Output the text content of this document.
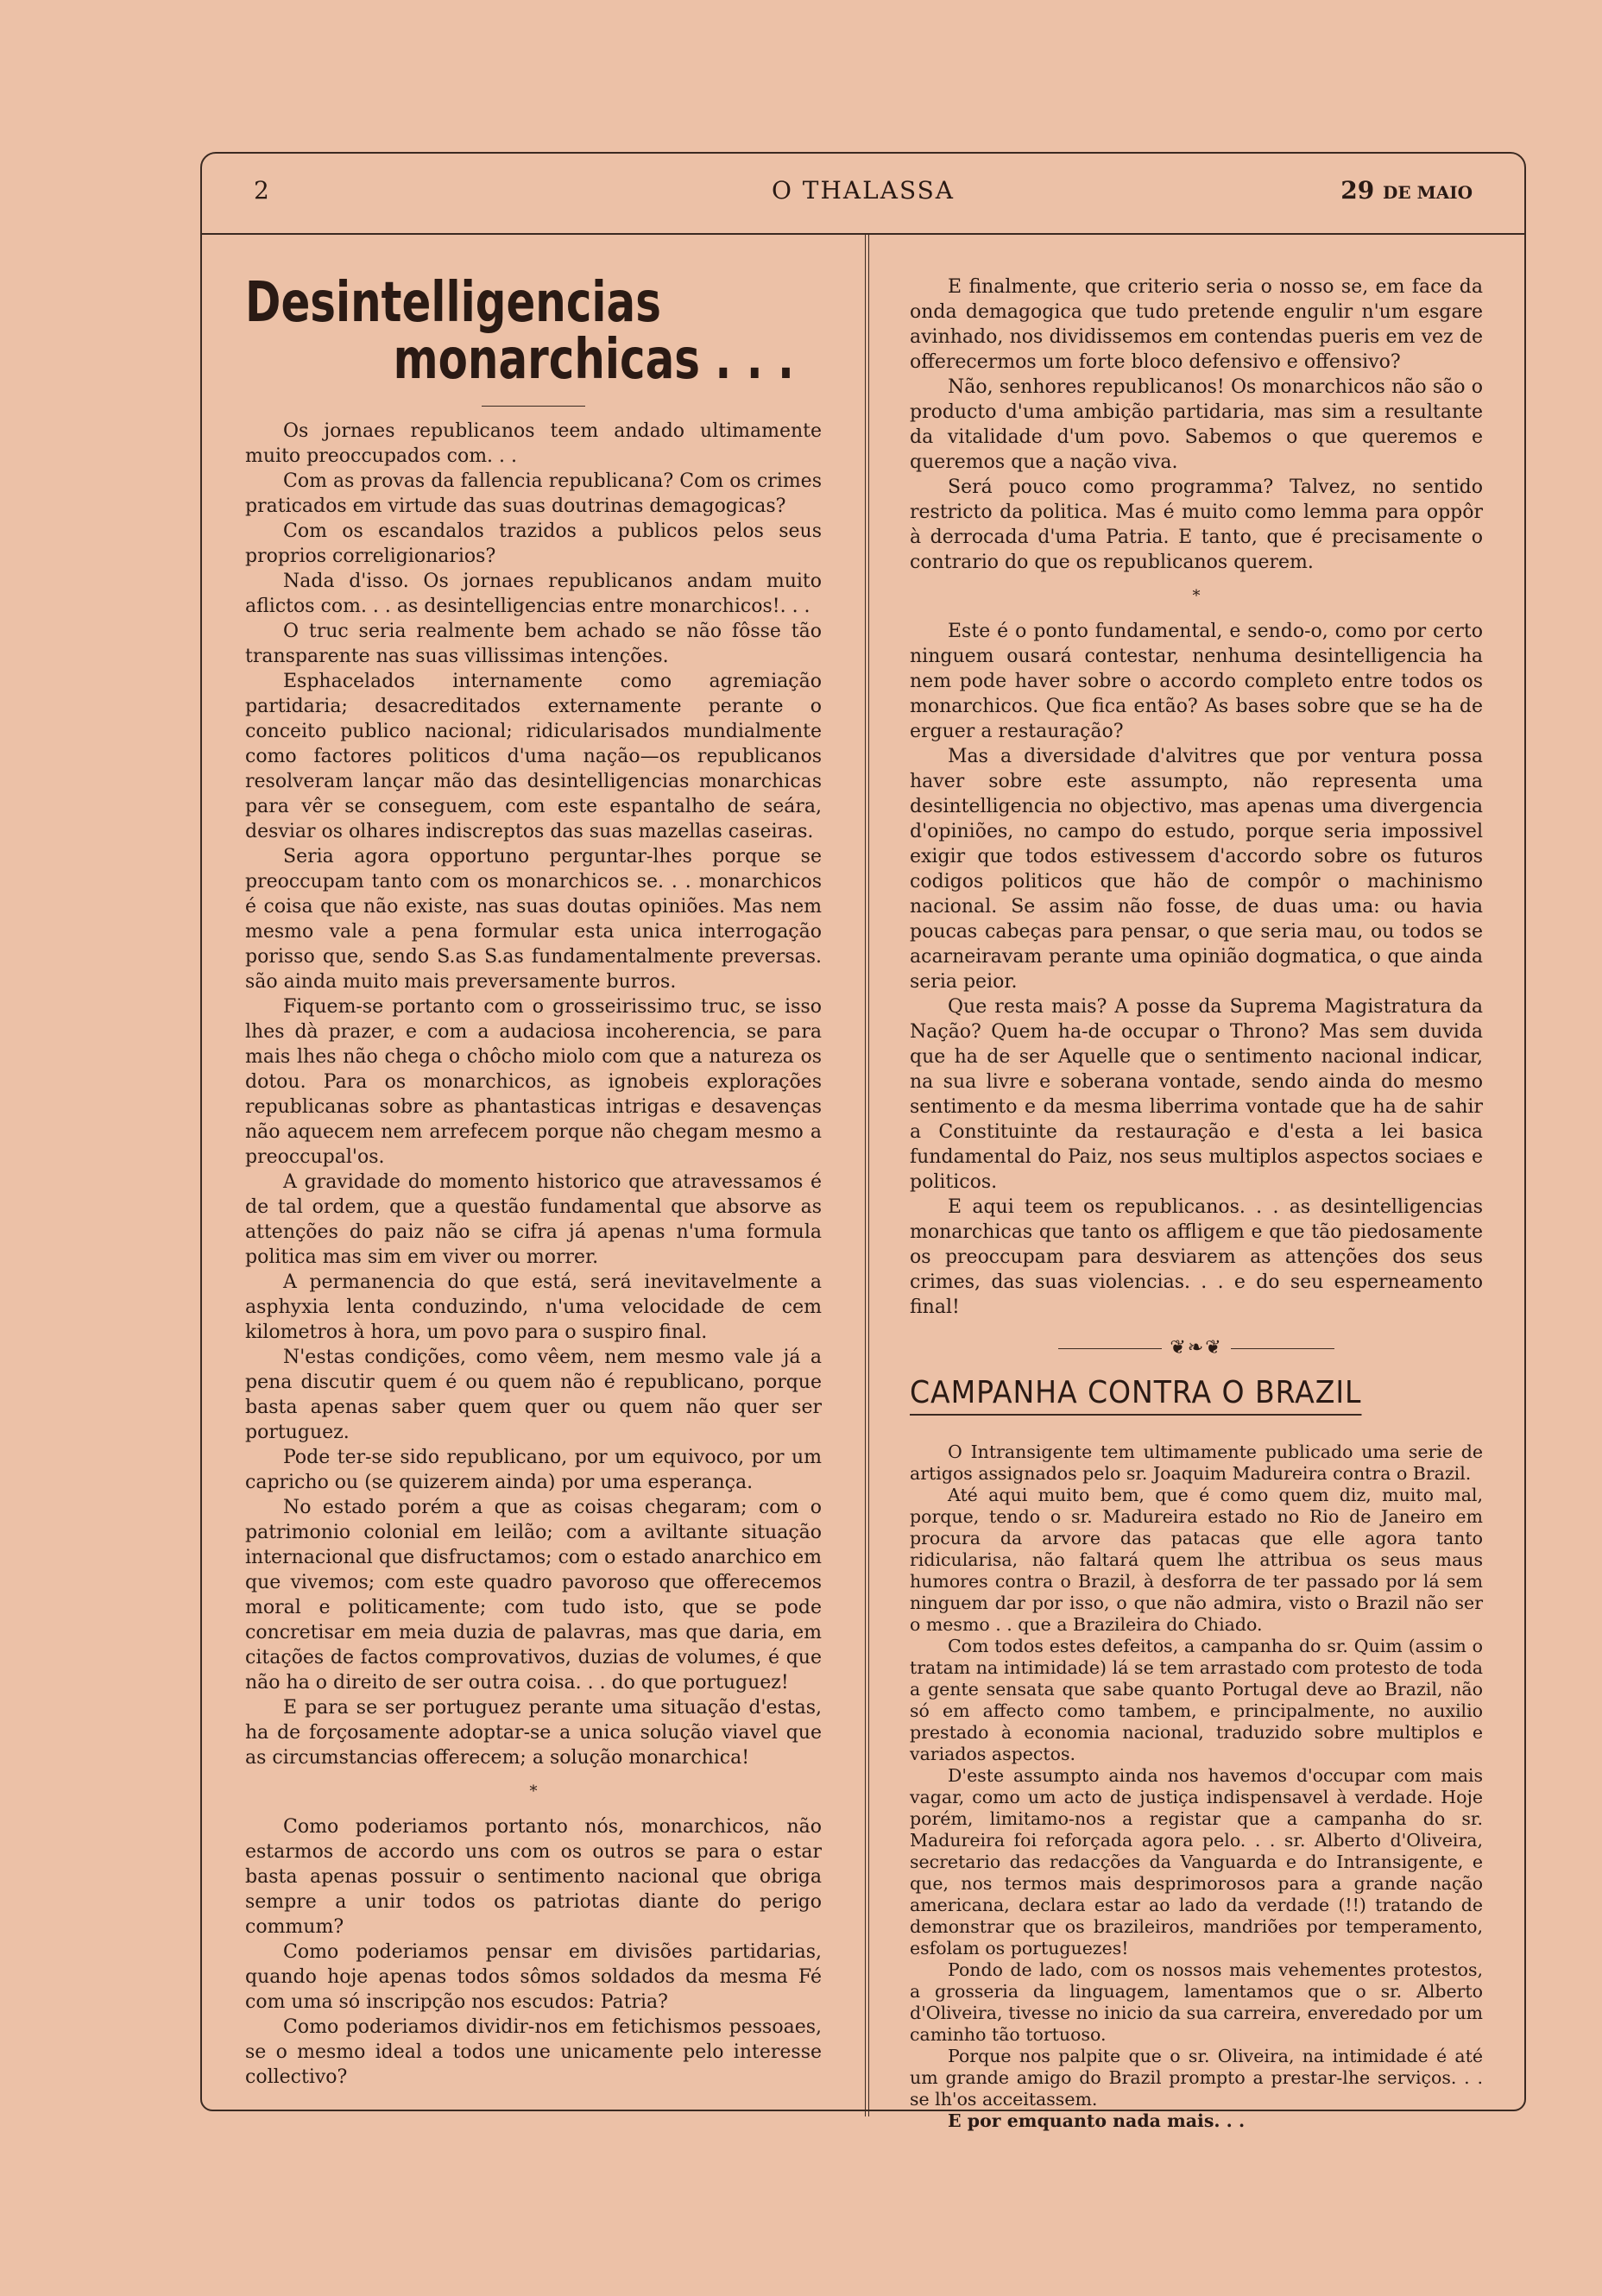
2	O THALASSA	29 DE MAIO
Desintelligencias
monarchicas . . .

Os jornaes republicanos teem andado ultimamente muito preoccupados com. . .

Com as provas da fallencia republicana? Com os crimes praticados em virtude das suas doutrinas demagogicas?

Com os escandalos trazidos a publicos pelos seus proprios correligionarios?

Nada d'isso. Os jornaes republicanos andam muito aflictos com. . . as desintelligencias entre monarchicos!. . .

O truc seria realmente bem achado se não fôsse tão transparente nas suas villissimas intenções.

Esphacelados internamente como agremiação partidaria; desacreditados externamente perante o conceito publico nacional; ridicularisados mundialmente como factores politicos d'uma nação—os republicanos resolveram lançar mão das desintelligencias monarchicas para vêr se conseguem, com este espantalho de seára, desviar os olhares indiscreptos das suas mazellas caseiras.

Seria agora opportuno perguntar-lhes porque se preoccupam tanto com os monarchicos se. . . monarchicos é coisa que não existe, nas suas doutas opiniões. Mas nem mesmo vale a pena formular esta unica interrogação porisso que, sendo S.as S.as fundamentalmente preversas. são ainda muito mais preversamente burros.

Fiquem-se portanto com o grosseirissimo truc, se isso lhes dà prazer, e com a audaciosa incoherencia, se para mais lhes não chega o chôcho miolo com que a natureza os dotou. Para os monarchicos, as ignobeis explorações republicanas sobre as phantasticas intrigas e desavenças não aquecem nem arrefecem porque não chegam mesmo a preoccupal'os.

A gravidade do momento historico que atravessamos é de tal ordem, que a questão fundamental que absorve as attenções do paiz não se cifra já apenas n'uma formula politica mas sim em viver ou morrer.

A permanencia do que está, será inevitavelmente a asphyxia lenta conduzindo, n'uma velocidade de cem kilometros à hora, um povo para o suspiro final.

N'estas condições, como vêem, nem mesmo vale já a pena discutir quem é ou quem não é republicano, porque basta apenas saber quem quer ou quem não quer ser portuguez.

Pode ter-se sido republicano, por um equivoco, por um capricho ou (se quizerem ainda) por uma esperança.

No estado porém a que as coisas chegaram; com o patrimonio colonial em leilão; com a aviltante situação internacional que disfructamos; com o estado anarchico em que vivemos; com este quadro pavoroso que offerecemos moral e politicamente; com tudo isto, que se pode concretisar em meia duzia de palavras, mas que daria, em citações de factos comprovativos, duzias de volumes, é que não ha o direito de ser outra coisa. . . do que portuguez!

E para se ser portuguez perante uma situação d'estas, ha de forçosamente adoptar-se a unica solução viavel que as circumstancias offerecem; a solução monarchica!

*

Como poderiamos portanto nós, monarchicos, não estarmos de accordo uns com os outros se para o estar basta apenas possuir o sentimento nacional que obriga sempre a unir todos os patriotas diante do perigo commum?

Como poderiamos pensar em divisões partidarias, quando hoje apenas todos sômos soldados da mesma Fé com uma só inscripção nos escudos: Patria?

Como poderiamos dividir-nos em fetichismos pessoaes, se o mesmo ideal a todos une unicamente pelo interesse collectivo?

E finalmente, que criterio seria o nosso se, em face da onda demagogica que tudo pretende engulir n'um esgare avinhado, nos dividissemos em contendas pueris em vez de offerecermos um forte bloco defensivo e offensivo?

Não, senhores republicanos! Os monarchicos não são o producto d'uma ambição partidaria, mas sim a resultante da vitalidade d'um povo. Sabemos o que queremos e queremos que a nação viva.

Será pouco como programma? Talvez, no sentido restricto da politica. Mas é muito como lemma para oppôr à derrocada d'uma Patria. E tanto, que é precisamente o contrario do que os republicanos querem.

*

Este é o ponto fundamental, e sendo-o, como por certo ninguem ousará contestar, nenhuma desintelligencia ha nem pode haver sobre o accordo completo entre todos os monarchicos. Que fica então? As bases sobre que se ha de erguer a restauração?

Mas a diversidade d'alvitres que por ventura possa haver sobre este assumpto, não representa uma desintelligencia no objectivo, mas apenas uma divergencia d'opiniões, no campo do estudo, porque seria impossivel exigir que todos estivessem d'accordo sobre os futuros codigos politicos que hão de compôr o machinismo nacional. Se assim não fosse, de duas uma: ou havia poucas cabeças para pensar, o que seria mau, ou todos se acarneiravam perante uma opinião dogmatica, o que ainda seria peior.

Que resta mais? A posse da Suprema Magistratura da Nação? Quem ha-de occupar o Throno? Mas sem duvida que ha de ser Aquelle que o sentimento nacional indicar, na sua livre e soberana vontade, sendo ainda do mesmo sentimento e da mesma liberrima vontade que ha de sahir a Constituinte da restauração e d'esta a lei basica fundamental do Paiz, nos seus multiplos aspectos sociaes e politicos.

E aqui teem os republicanos. . . as desintelligencias monarchicas que tanto os affligem e que tão piedosamente os preoccupam para desviarem as attenções dos seus crimes, das suas violencias. . . e do seu esperneamento final!

❦❧❦
CAMPANHA CONTRA O BRAZIL

O Intransigente tem ultimamente publicado uma serie de artigos assignados pelo sr. Joaquim Madureira contra o Brazil.

Até aqui muito bem, que é como quem diz, muito mal, porque, tendo o sr. Madureira estado no Rio de Janeiro em procura da arvore das patacas que elle agora tanto ridicularisa, não faltará quem lhe attribua os seus maus humores contra o Brazil, à desforra de ter passado por lá sem ninguem dar por isso, o que não admira, visto o Brazil não ser o mesmo . . que a Brazileira do Chiado.

Com todos estes defeitos, a campanha do sr. Quim (assim o tratam na intimidade) lá se tem arrastado com protesto de toda a gente sensata que sabe quanto Portugal deve ao Brazil, não só em affecto como tambem, e principalmente, no auxilio prestado à economia nacional, traduzido sobre multiplos e variados aspectos.

D'este assumpto ainda nos havemos d'occupar com mais vagar, como um acto de justiça indispensavel à verdade. Hoje porém, limitamo-nos a registar que a campanha do sr. Madureira foi reforçada agora pelo. . . sr. Alberto d'Oliveira, secretario das redacções da Vanguarda e do Intransigente, e que, nos termos mais desprimorosos para a grande nação americana, declara estar ao lado da verdade (!!) tratando de demonstrar que os brazileiros, mandriões por temperamento, esfolam os portuguezes!

Pondo de lado, com os nossos mais vehementes protestos, a grosseria da linguagem, lamentamos que o sr. Alberto d'Oliveira, tivesse no inicio da sua carreira, enveredado por um caminho tão tortuoso.

Porque nos palpite que o sr. Oliveira, na intimidade é até um grande amigo do Brazil prompto a prestar-lhe serviços. . . se lh'os acceitassem.

E por emquanto nada mais. . .
